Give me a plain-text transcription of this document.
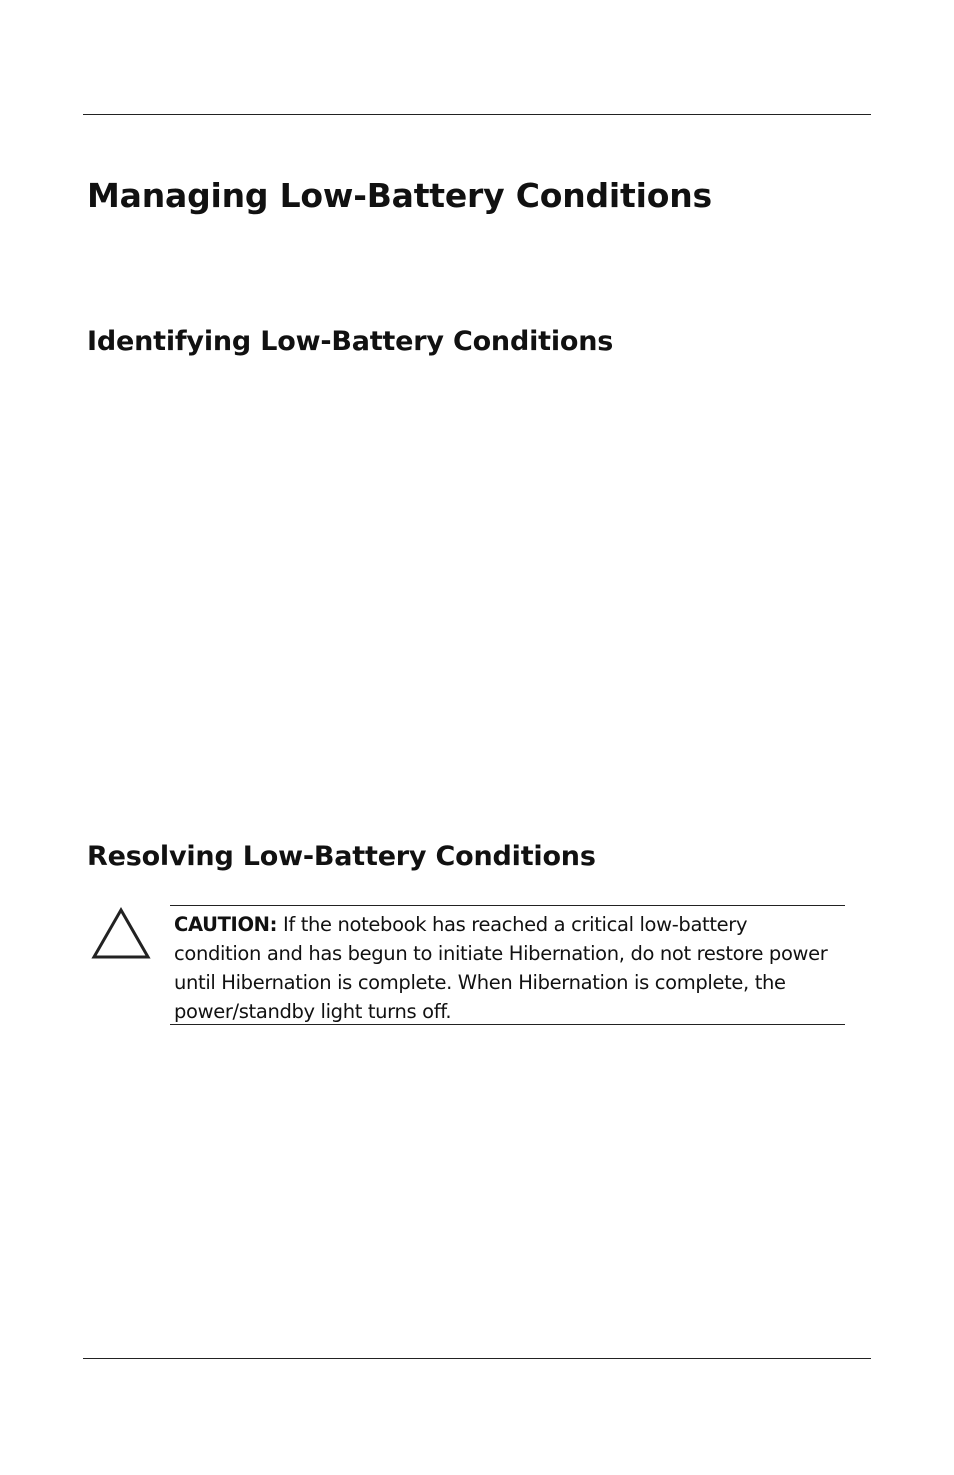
Managing Low-Battery Conditions
Identifying Low-Battery Conditions
Resolving Low-Battery Conditions

CAUTION: If the notebook has reached a critical low-battery condition and has begun to initiate Hibernation, do not restore power until Hibernation is complete. When Hibernation is complete, the power/standby light turns off.
